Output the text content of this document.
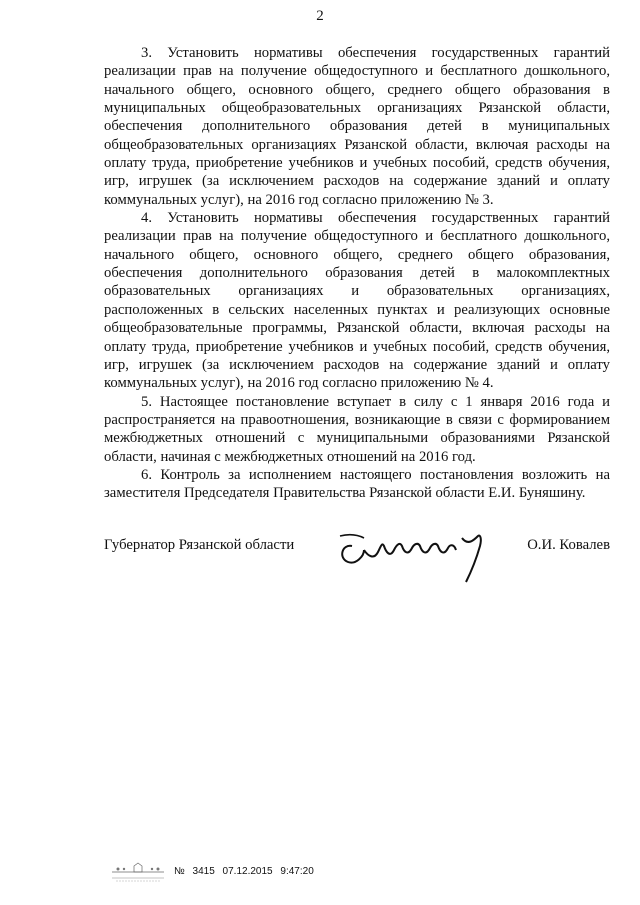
2

3. Установить нормативы обеспечения государственных гарантий реализации прав на получение общедоступного и бесплатного дошкольного, начального общего, основного общего, среднего общего образования в муниципальных общеобразовательных организациях Рязанской области, обеспечения дополнительного образования детей в муниципальных общеобразовательных организациях Рязанской области, включая расходы на оплату труда, приобретение учебников и учебных пособий, средств обучения, игр, игрушек (за исключением расходов на содержание зданий и оплату коммунальных услуг), на 2016 год согласно приложению № 3.

4. Установить нормативы обеспечения государственных гарантий реализации прав на получение общедоступного и бесплатного дошкольного, начального общего, основного общего, среднего общего образования, обеспечения дополнительного образования детей в малокомплектных образовательных организациях и образовательных организациях, расположенных в сельских населенных пунктах и реализующих основные общеобразовательные программы, Рязанской области, включая расходы на оплату труда, приобретение учебников и учебных пособий, средств обучения, игр, игрушек (за исключением расходов на содержание зданий и оплату коммунальных услуг), на 2016 год согласно приложению № 4.

5. Настоящее постановление вступает в силу с 1 января 2016 года и распространяется на правоотношения, возникающие в связи с формированием межбюджетных отношений с муниципальными образованиями Рязанской области, начиная с межбюджетных отношений на 2016 год.

6. Контроль за исполнением настоящего постановления возложить на заместителя Председателя Правительства Рязанской области Е.И. Буняшину.

Губернатор Рязанской области	О.И. Ковалев
№ 3415 07.12.2015 9:47:20
